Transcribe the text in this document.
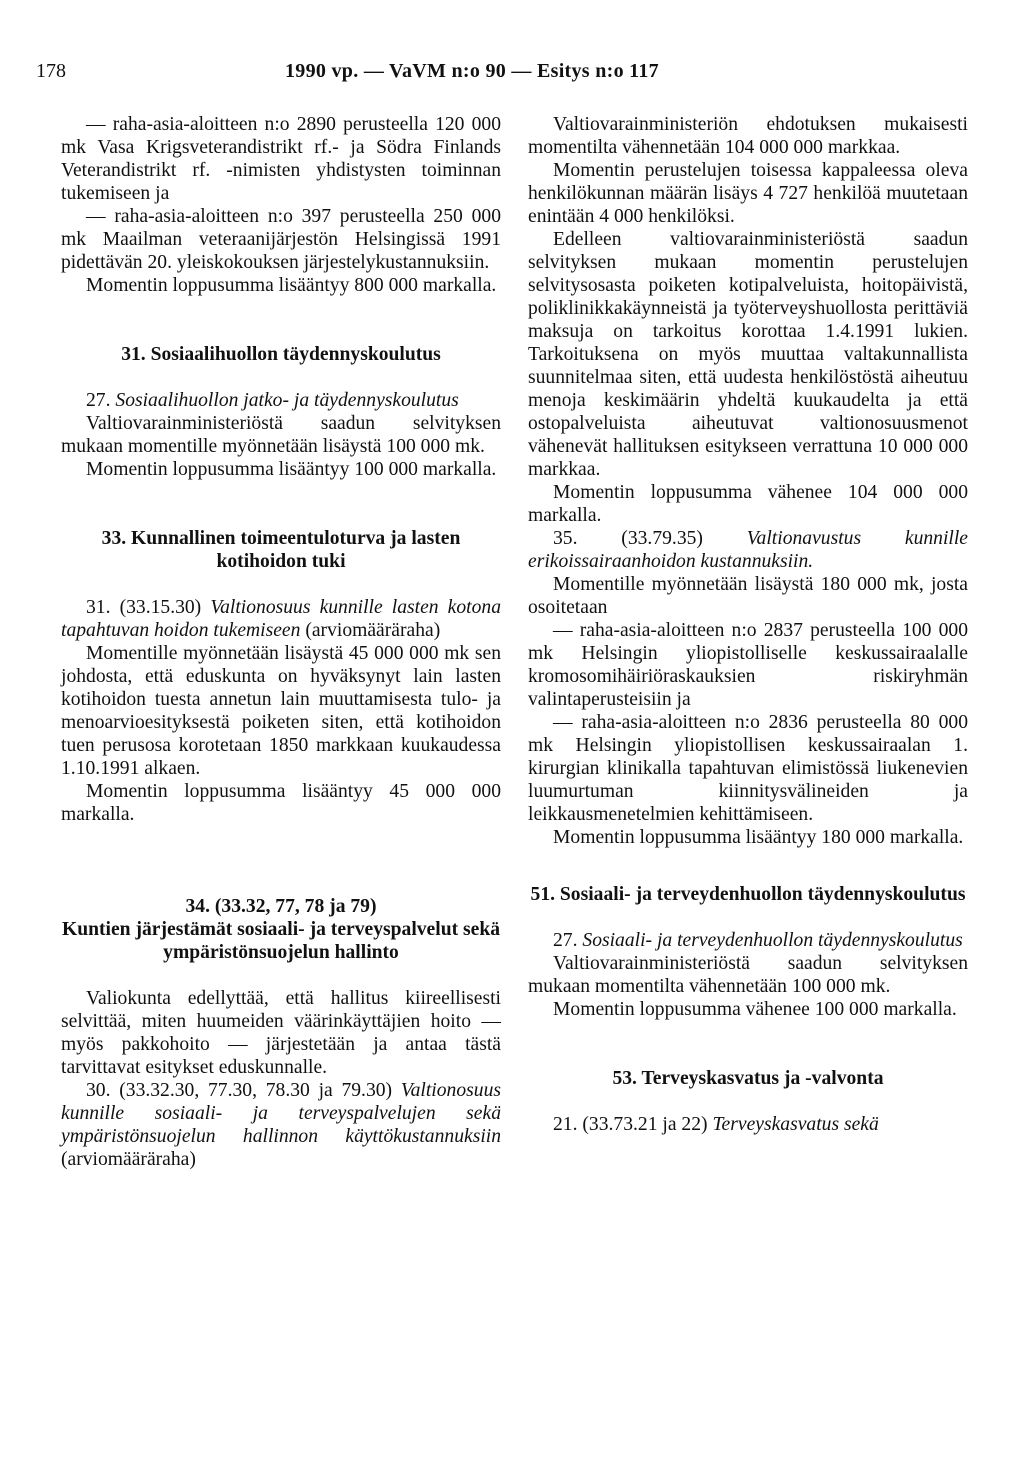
178	1990 vp. — VaVM n:o 90 — Esitys n:o 117

— raha-asia-aloitteen n:o 2890 perusteella 120 000 mk Vasa Krigsveterandistrikt rf.- ja Södra Finlands Veterandistrikt rf. -nimisten yhdistysten toiminnan tukemiseen ja

— raha-asia-aloitteen n:o 397 perusteella 250 000 mk Maailman veteraanijärjestön Helsingissä 1991 pidettävän 20. yleiskokouksen järjestelykustannuksiin.

Momentin loppusumma lisääntyy 800 000 markalla.

31. Sosiaalihuollon täydennyskoulutus

27. Sosiaalihuollon jatko- ja täydennyskoulutus

Valtiovarainministeriöstä saadun selvityksen mukaan momentille myönnetään lisäystä 100 000 mk.

Momentin loppusumma lisääntyy 100 000 markalla.

33. Kunnallinen toimeentuloturva ja lasten kotihoidon tuki

31. (33.15.30) Valtionosuus kunnille lasten kotona tapahtuvan hoidon tukemiseen (arviomääräraha)

Momentille myönnetään lisäystä 45 000 000 mk sen johdosta, että eduskunta on hyväksynyt lain lasten kotihoidon tuesta annetun lain muuttamisesta tulo- ja menoarvioesityksestä poiketen siten, että kotihoidon tuen perusosa korotetaan 1850 markkaan kuukaudessa 1.10.1991 alkaen.

Momentin loppusumma lisääntyy 45 000 000 markalla.

34. (33.32, 77, 78 ja 79)
Kuntien järjestämät sosiaali- ja terveyspalvelut sekä ympäristönsuojelun hallinto

Valiokunta edellyttää, että hallitus kiireellisesti selvittää, miten huumeiden väärinkäyttäjien hoito — myös pakkohoito — järjestetään ja antaa tästä tarvittavat esitykset eduskunnalle.

30. (33.32.30, 77.30, 78.30 ja 79.30) Valtionosuus kunnille sosiaali- ja terveyspalvelujen sekä ympäristönsuojelun hallinnon käyttökustannuksiin (arviomääräraha)

Valtiovarainministeriön ehdotuksen mukaisesti momentilta vähennetään 104 000 000 markkaa.

Momentin perustelujen toisessa kappaleessa oleva henkilökunnan määrän lisäys 4 727 henkilöä muutetaan enintään 4 000 henkilöksi.

Edelleen valtiovarainministeriöstä saadun selvityksen mukaan momentin perustelujen selvitysosasta poiketen kotipalveluista, hoitopäivistä, poliklinikkakäynneistä ja työterveyshuollosta perittäviä maksuja on tarkoitus korottaa 1.4.1991 lukien. Tarkoituksena on myös muuttaa valtakunnallista suunnitelmaa siten, että uudesta henkilöstöstä aiheutuu menoja keskimäärin yhdeltä kuukaudelta ja että ostopalveluista aiheutuvat valtionosuusmenot vähenevät hallituksen esitykseen verrattuna 10 000 000 markkaa.

Momentin loppusumma vähenee 104 000 000 markalla.

35. (33.79.35) Valtionavustus kunnille erikoissairaanhoidon kustannuksiin.

Momentille myönnetään lisäystä 180 000 mk, josta osoitetaan

— raha-asia-aloitteen n:o 2837 perusteella 100 000 mk Helsingin yliopistolliselle keskussairaalalle kromosomihäiriöraskauksien riskiryhmän valintaperusteisiin ja

— raha-asia-aloitteen n:o 2836 perusteella 80 000 mk Helsingin yliopistollisen keskussairaalan 1. kirurgian klinikalla tapahtuvan elimistössä liukenevien luumurtuman kiinnitysvälineiden ja leikkausmenetelmien kehittämiseen.

Momentin loppusumma lisääntyy 180 000 markalla.

51. Sosiaali- ja terveydenhuollon täydennyskoulutus

27. Sosiaali- ja terveydenhuollon täydennyskoulutus

Valtiovarainministeriöstä saadun selvityksen mukaan momentilta vähennetään 100 000 mk.

Momentin loppusumma vähenee 100 000 markalla.

53. Terveyskasvatus ja -valvonta

21. (33.73.21 ja 22) Terveyskasvatus sekä
